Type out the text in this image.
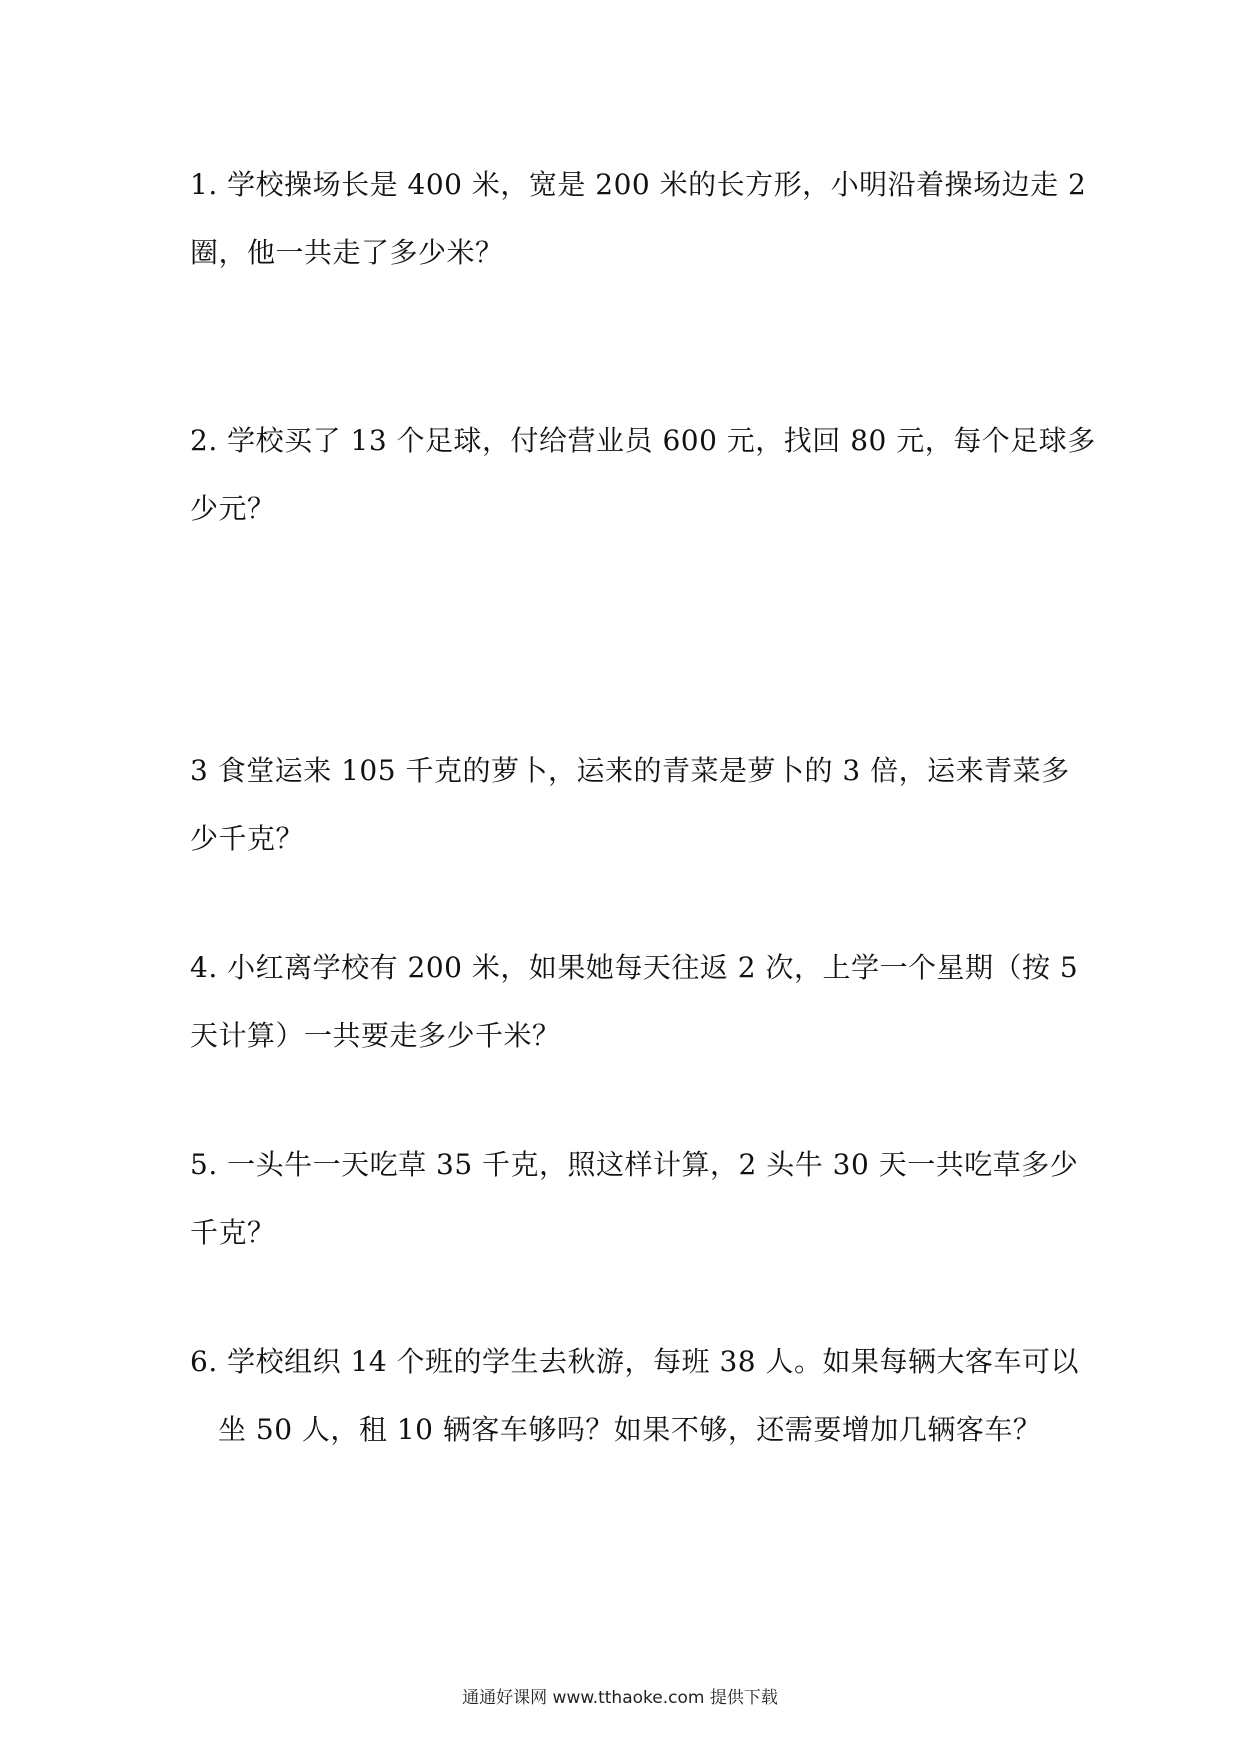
1. 学校操场长是 400 米，宽是 200 米的长方形，小明沿着操场边走 2
圈，他一共走了多少米？
2. 学校买了 13 个足球，付给营业员 600 元，找回 80 元，每个足球多
少元？
3 食堂运来 105 千克的萝卜，运来的青菜是萝卜的 3 倍，运来青菜多
少千克？
4. 小红离学校有 200 米，如果她每天往返 2 次，上学一个星期（按 5
天计算）一共要走多少千米？
5. 一头牛一天吃草 35 千克，照这样计算，2 头牛 30 天一共吃草多少
千克？
6. 学校组织 14 个班的学生去秋游，每班 38 人。如果每辆大客车可以
坐 50 人，租 10 辆客车够吗？如果不够，还需要增加几辆客车？
通通好课网 www.tthaoke.com 提供下载
